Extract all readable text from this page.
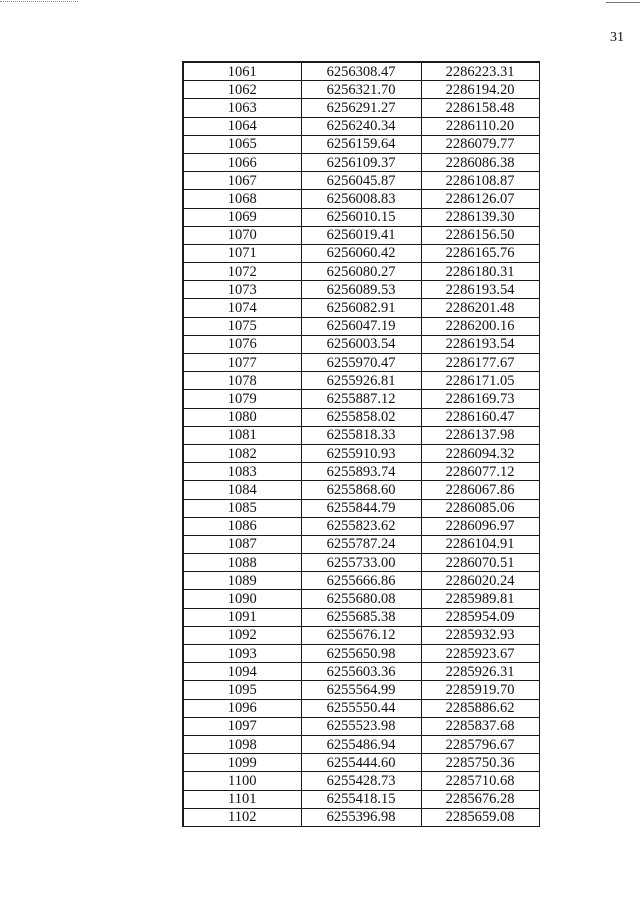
31
1061	6256308.47	2286223.31
1062	6256321.70	2286194.20
1063	6256291.27	2286158.48
1064	6256240.34	2286110.20
1065	6256159.64	2286079.77
1066	6256109.37	2286086.38
1067	6256045.87	2286108.87
1068	6256008.83	2286126.07
1069	6256010.15	2286139.30
1070	6256019.41	2286156.50
1071	6256060.42	2286165.76
1072	6256080.27	2286180.31
1073	6256089.53	2286193.54
1074	6256082.91	2286201.48
1075	6256047.19	2286200.16
1076	6256003.54	2286193.54
1077	6255970.47	2286177.67
1078	6255926.81	2286171.05
1079	6255887.12	2286169.73
1080	6255858.02	2286160.47
1081	6255818.33	2286137.98
1082	6255910.93	2286094.32
1083	6255893.74	2286077.12
1084	6255868.60	2286067.86
1085	6255844.79	2286085.06
1086	6255823.62	2286096.97
1087	6255787.24	2286104.91
1088	6255733.00	2286070.51
1089	6255666.86	2286020.24
1090	6255680.08	2285989.81
1091	6255685.38	2285954.09
1092	6255676.12	2285932.93
1093	6255650.98	2285923.67
1094	6255603.36	2285926.31
1095	6255564.99	2285919.70
1096	6255550.44	2285886.62
1097	6255523.98	2285837.68
1098	6255486.94	2285796.67
1099	6255444.60	2285750.36
1100	6255428.73	2285710.68
1101	6255418.15	2285676.28
1102	6255396.98	2285659.08
